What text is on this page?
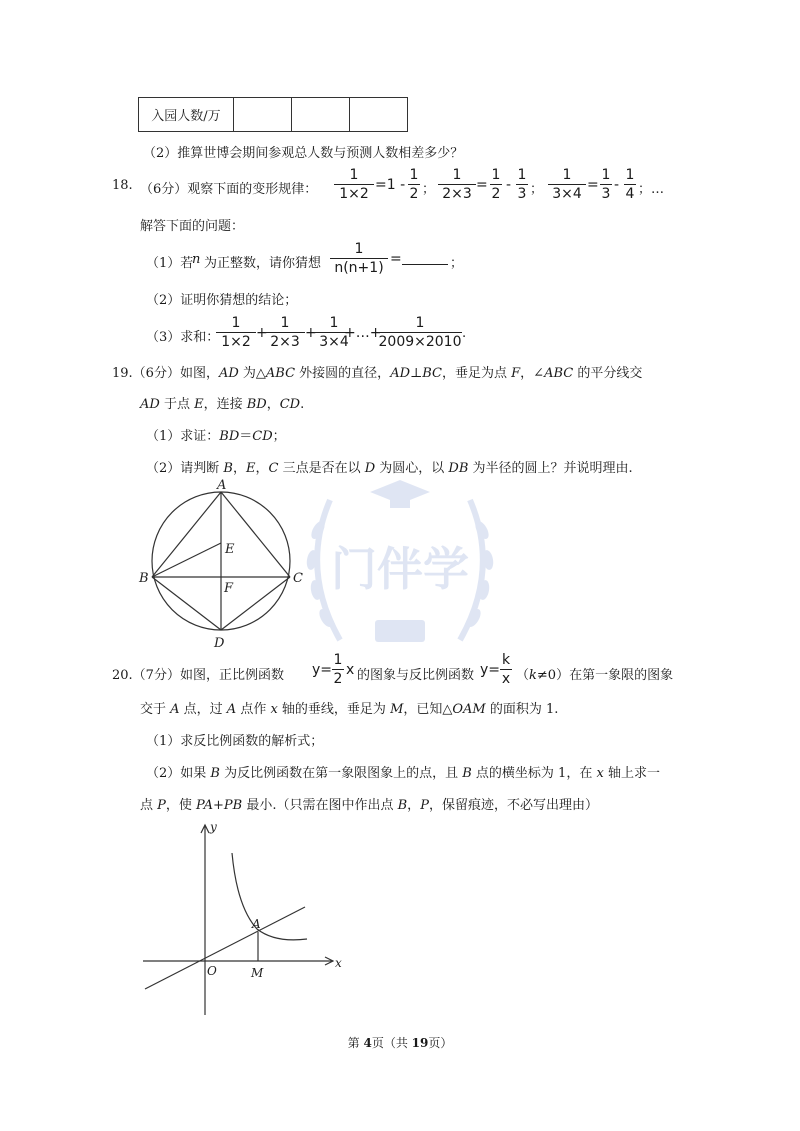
门伴学
入园人数/万			
（2）推算世博会期间参观总人数与预测人数相差多少？
18. （6分）观察下面的变形规律：
1
1×2
=1 -
1
2 ；
1
2×3
=
1
2
-
1
3 ；
1
3×4
=
1
3
-
1
4 ；…
解答下面的问题：
（1）若
n 为正整数，请你猜想
1
n(n+1)
=	；
（2）证明你猜想的结论；
（3）求和：
1
1×2
+
1
2×3
+
1
3×4
+…+
1
2009×2010
.
19.（6分）如图，AD 为△ABC 外接圆的直径，AD⊥BC，垂足为点 F，∠ABC 的平分线交
AD 于点 E，连接 BD，CD.
（1）求证：BD＝CD；
（2）请判断 B，E，C 三点是否在以 D 为圆心，以 DB 为半径的圆上？并说明理由.
A
B	C
D
E
F
20.（7分）如图，正比例函数 y=
1
2
x 的图象与反比例函数 y=
k
x （k≠0）在第一象限的图象
交于 A 点，过 A 点作 x 轴的垂线，垂足为 M，已知△OAM 的面积为 1.
（1）求反比例函数的解析式；
（2）如果 B 为反比例函数在第一象限图象上的点，且 B 点的横坐标为 1，在 x 轴上求一
点 P，使 PA+PB 最小.（只需在图中作出点 B，P，保留痕迹，不必写出理由）
y
x
O
A
M
第 4页（共 19页）
